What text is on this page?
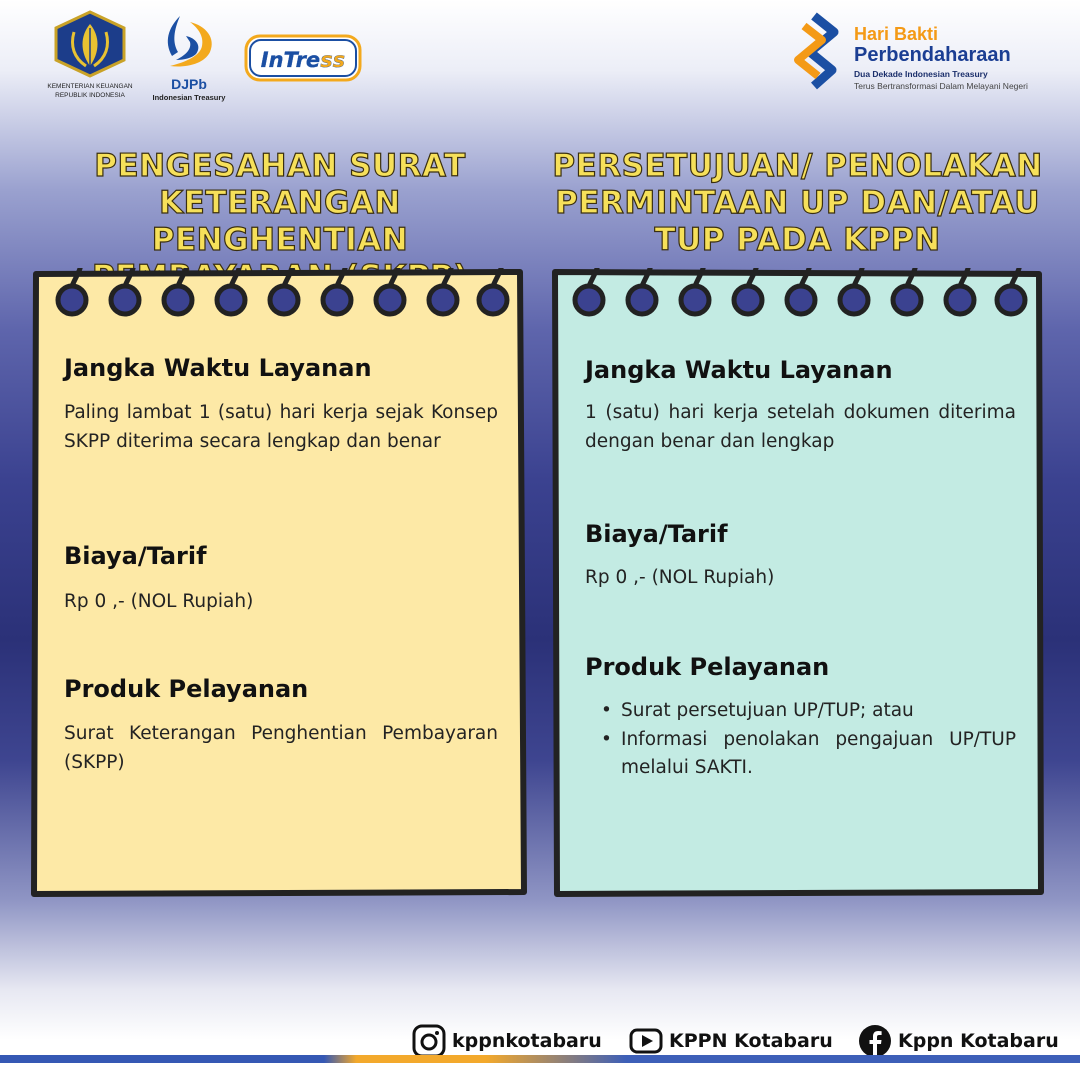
KEMENTERIAN KEUANGAN
REPUBLIK INDONESIA
DJPb
Indonesian Treasury
InTress
Hari Bakti
Perbendaharaan
Dua Dekade Indonesian Treasury
Terus Bertransformasi Dalam Melayani Negeri
PENGESAHAN SURAT
KETERANGAN PENGHENTIAN
PERSETUJUAN/ PENOLAKAN
PERMINTAAN UP DAN/ATAU
TUP PADA KPPN
Jangka Waktu Layanan
Paling lambat 1 (satu) hari kerja sejak Konsep SKPP diterima secara lengkap dan benar
Biaya/Tarif
Rp 0 ,- (NOL Rupiah)
Produk Pelayanan
Surat Keterangan Penghentian Pembayaran (SKPP)
Jangka Waktu Layanan
1 (satu) hari kerja setelah dokumen diterima dengan benar dan lengkap
Biaya/Tarif
Rp 0 ,- (NOL Rupiah)
Produk Pelayanan
• Surat persetujuan UP/TUP; atau
• Informasi penolakan pengajuan UP/TUP melalui SAKTI.
kppnkotabaru	KPPN Kotabaru	Kppn Kotabaru
